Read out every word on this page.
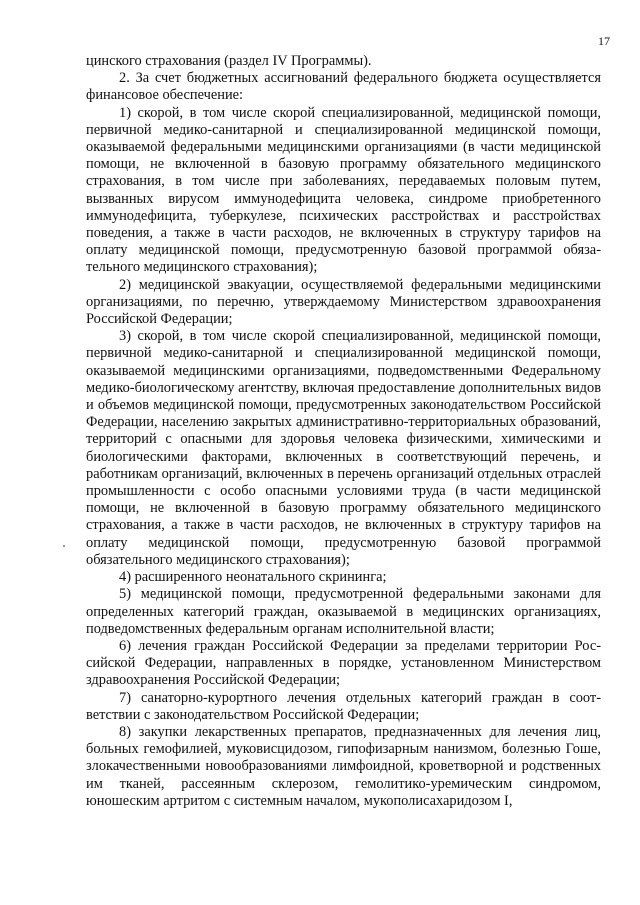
17

цинского страхования (раздел IV Программы).

2. За счет бюджетных ассигнований федерального бюджета осуществляется финансовое обеспечение:

1) скорой, в том числе скорой специализированной, медицинской помощи, первичной медико-санитарной и специализированной медицинской помощи, оказываемой федеральными медицинскими организациями (в части медицинской помощи, не включенной в базовую программу обязательного медицинского страхования, в том числе при заболеваниях, передаваемых половым путем, вызванных вирусом иммунодефицита человека, синдроме приобретенного иммунодефицита, туберкулезе, психических расстройствах и расстройствах поведения, а также в части расходов, не включенных в структуру тарифов на оплату медицинской помощи, предусмотренную базовой программой обязательного медицинского страхования);

2) медицинской эвакуации, осуществляемой федеральными медицинскими организациями, по перечню, утверждаемому Министерством здравоохранения Российской Федерации;

3) скорой, в том числе скорой специализированной, медицинской помощи, первичной медико-санитарной и специализированной медицинской помощи, оказываемой медицинскими организациями, подведомственными Федеральному медико-биологическому агентству, включая предоставление дополнительных видов и объемов медицинской помощи, предусмотренных законодательством Российской Федерации, населению закрытых административно-территориальных образований, территорий с опасными для здоровья человека физическими, химическими и биологическими факторами, включенных в соответствующий перечень, и работникам организаций, включенных в перечень организаций отдельных отраслей промышленности с особо опасными условиями труда (в части медицинской помощи, не включенной в базовую программу обязательного медицинского страхования, а также в части расходов, не включенных в структуру тарифов на оплату медицинской помощи, предусмотренную базовой программой обязательного медицинского страхования);

4) расширенного неонатального скрининга;

5) медицинской помощи, предусмотренной федеральными законами для определенных категорий граждан, оказываемой в медицинских организациях, подведомственных федеральным органам исполнительной власти;

6) лечения граждан Российской Федерации за пределами территории Российской Федерации, направленных в порядке, установленном Министерством здравоохранения Российской Федерации;

7) санаторно-курортного лечения отдельных категорий граждан в соответствии с законодательством Российской Федерации;

8) закупки лекарственных препаратов, предназначенных для лечения лиц, больных гемофилией, муковисцидозом, гипофизарным нанизмом, болезнью Гоше, злокачественными новообразованиями лимфоидной, кроветворной и родственных им тканей, рассеянным склерозом, гемолитико-уремическим синдромом, юношеским артритом с системным началом, мукополисахаридозом I,
